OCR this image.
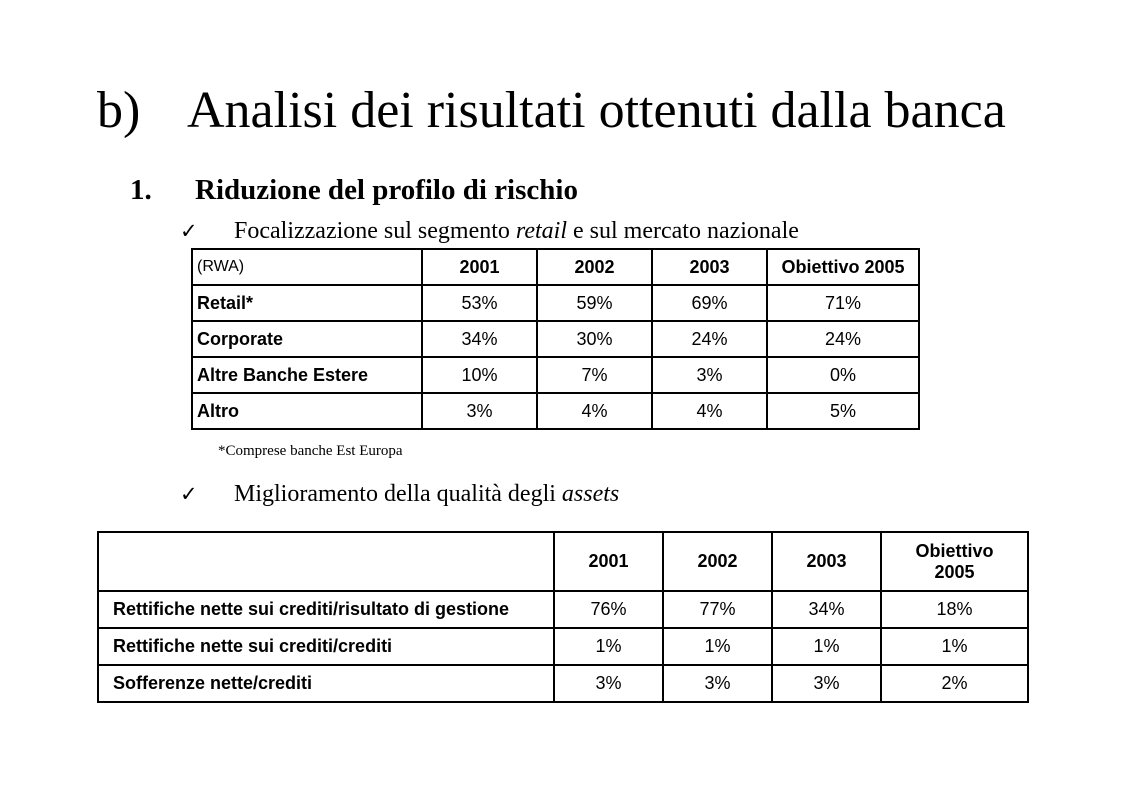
b) Analisi dei risultati ottenuti dalla banca
1. Riduzione del profilo di rischio
✓ Focalizzazione sul segmento retail e sul mercato nazionale
(RWA)	2001	2002	2003	Obiettivo 2005
Retail*	53%	59%	69%	71%
Corporate	34%	30%	24%	24%
Altre Banche Estere	10%	7%	3%	0%
Altro	3%	4%	4%	5%
*Comprese banche Est Europa
✓ Miglioramento della qualità degli assets
	2001	2002	2003	Obiettivo
2005
Rettifiche nette sui crediti/risultato di gestione	76%	77%	34%	18%
Rettifiche nette sui crediti/crediti	1%	1%	1%	1%
Sofferenze nette/crediti	3%	3%	3%	2%
